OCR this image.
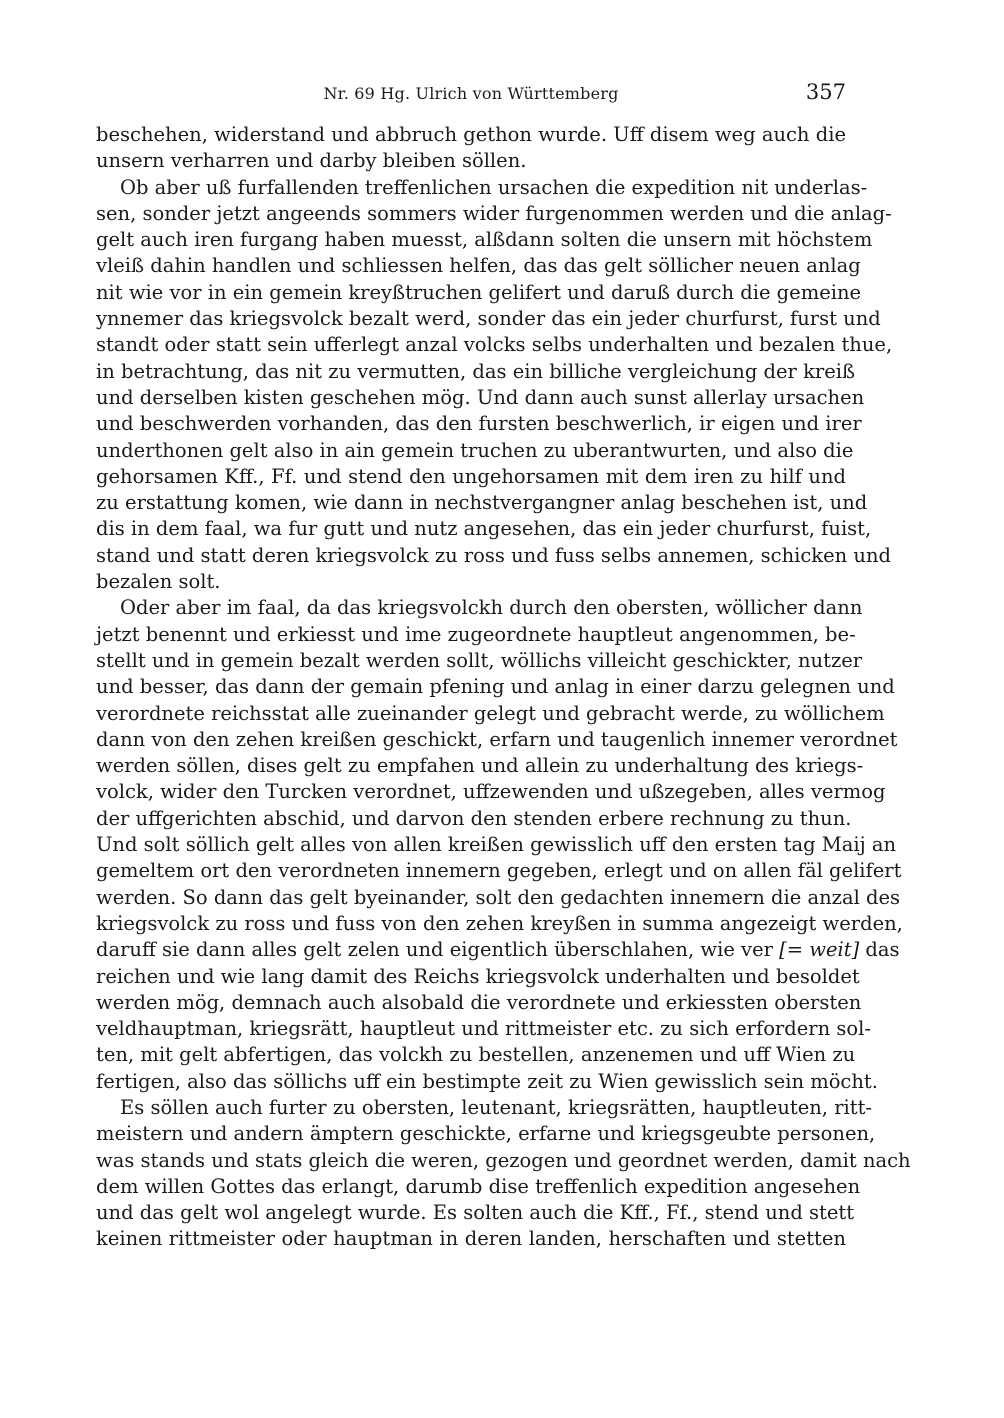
Nr. 69 Hg. Ulrich von Württemberg	357
beschehen, widerstand und abbruch gethon wurde. Uff disem weg auch die
unsern verharren und darby bleiben söllen.
Ob aber uß furfallenden treffenlichen ursachen die expedition nit underlas-
sen, sonder jetzt angeends sommers wider furgenommen werden und die anlag-
gelt auch iren furgang haben muesst, alßdann solten die unsern mit höchstem
vleiß dahin handlen und schliessen helfen, das das gelt söllicher neuen anlag
nit wie vor in ein gemein kreyßtruchen gelifert und daruß durch die gemeine
ynnemer das kriegsvolck bezalt werd, sonder das ein jeder churfurst, furst und
standt oder statt sein ufferlegt anzal volcks selbs underhalten und bezalen thue,
in betrachtung, das nit zu vermutten, das ein billiche vergleichung der kreiß
und derselben kisten geschehen mög. Und dann auch sunst allerlay ursachen
und beschwerden vorhanden, das den fursten beschwerlich, ir eigen und irer
underthonen gelt also in ain gemein truchen zu uberantwurten, und also die
gehorsamen Kff., Ff. und stend den ungehorsamen mit dem iren zu hilf und
zu erstattung komen, wie dann in nechstvergangner anlag beschehen ist, und
dis in dem faal, wa fur gutt und nutz angesehen, das ein jeder churfurst, fuist,
stand und statt deren kriegsvolck zu ross und fuss selbs annemen, schicken und
bezalen solt.
Oder aber im faal, da das kriegsvolckh durch den obersten, wöllicher dann
jetzt benennt und erkiesst und ime zugeordnete hauptleut angenommen, be-
stellt und in gemein bezalt werden sollt, wöllichs villeicht geschickter, nutzer
und besser, das dann der gemain pfening und anlag in einer darzu gelegnen und
verordnete reichsstat alle zueinander gelegt und gebracht werde, zu wöllichem
dann von den zehen kreißen geschickt, erfarn und taugenlich innemer verordnet
werden söllen, dises gelt zu empfahen und allein zu underhaltung des kriegs-
volck, wider den Turcken verordnet, uffzewenden und ußzegeben, alles vermog
der uffgerichten abschid, und darvon den stenden erbere rechnung zu thun.
Und solt söllich gelt alles von allen kreißen gewisslich uff den ersten tag Maij an
gemeltem ort den verordneten innemern gegeben, erlegt und on allen fäl gelifert
werden. So dann das gelt byeinander, solt den gedachten innemern die anzal des
kriegsvolck zu ross und fuss von den zehen kreyßen in summa angezeigt werden,
daruff sie dann alles gelt zelen und eigentlich überschlahen, wie ver [= weit] das
reichen und wie lang damit des Reichs kriegsvolck underhalten und besoldet
werden mög, demnach auch alsobald die verordnete und erkiessten obersten
veldhauptman, kriegsrätt, hauptleut und rittmeister etc. zu sich erfordern sol-
ten, mit gelt abfertigen, das volckh zu bestellen, anzenemen und uff Wien zu
fertigen, also das söllichs uff ein bestimpte zeit zu Wien gewisslich sein möcht.
Es söllen auch furter zu obersten, leutenant, kriegsrätten, hauptleuten, ritt-
meistern und andern ämptern geschickte, erfarne und kriegsgeubte personen,
was stands und stats gleich die weren, gezogen und geordnet werden, damit nach
dem willen Gottes das erlangt, darumb dise treffenlich expedition angesehen
und das gelt wol angelegt wurde. Es solten auch die Kff., Ff., stend und stett
keinen rittmeister oder hauptman in deren landen, herschaften und stetten
